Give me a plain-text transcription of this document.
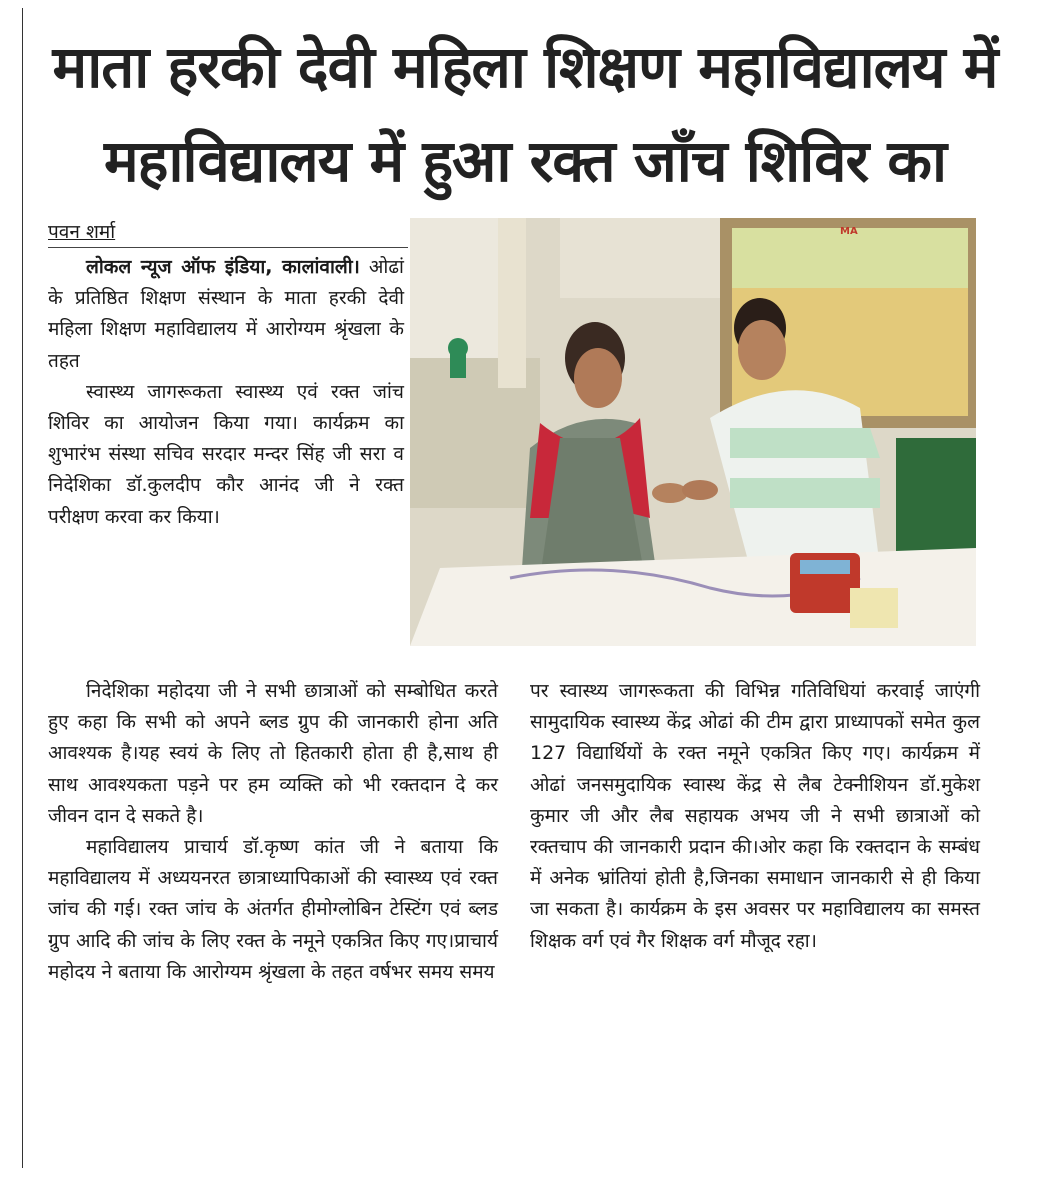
माता हरकी देवी महिला शिक्षण महाविद्यालय में
महाविद्यालय में हुआ रक्त जाँच शिविर का
पवन शर्मा

लोकल न्यूज ऑफ इंडिया, कालांवाली। ओढां के प्रतिष्ठित शिक्षण संस्थान के माता हरकी देवी महिला शिक्षण महाविद्यालय में आरोग्यम श्रृंखला के तहत

स्वास्थ्य जागरूकता स्वास्थ्य एवं रक्त जांच शिविर का आयोजन किया गया। कार्यक्रम का शुभारंभ संस्था सचिव सरदार मन्दर सिंह जी सरा व निदेशिका डॉ.कुलदीप कौर आनंद जी ने रक्त परीक्षण करवा कर किया।

MA

निदेशिका महोदया जी ने सभी छात्राओं को सम्बोधित करते हुए कहा कि सभी को अपने ब्लड ग्रुप की जानकारी होना अति आवश्यक है।यह स्वयं के लिए तो हितकारी होता ही है,साथ ही साथ आवश्यकता पड़ने पर हम व्यक्ति को भी रक्तदान दे कर जीवन दान दे सकते है।

महाविद्यालय प्राचार्य डॉ.कृष्ण कांत जी ने बताया कि महाविद्यालय में अध्ययनरत छात्राध्यापिकाओं की स्वास्थ्य एवं रक्त जांच की गई। रक्त जांच के अंतर्गत हीमोग्लोबिन टेस्टिंग एवं ब्लड ग्रुप आदि की जांच के लिए रक्त के नमूने एकत्रित किए गए।प्राचार्य महोदय ने बताया कि आरोग्यम श्रृंखला के तहत वर्षभर समय समय

पर स्वास्थ्य जागरूकता की विभिन्न गतिविधियां करवाई जाएंगी सामुदायिक स्वास्थ्य केंद्र ओढां की टीम द्वारा प्राध्यापकों समेत कुल 127 विद्यार्थियों के रक्त नमूने एकत्रित किए गए। कार्यक्रम में ओढां जनसमुदायिक स्वास्थ केंद्र से लैब टेक्नीशियन डॉ.मुकेश कुमार जी और लैब सहायक अभय जी ने सभी छात्राओं को रक्तचाप की जानकारी प्रदान की।ओर कहा कि रक्तदान के सम्बंध में अनेक भ्रांतियां होती है,जिनका समाधान जानकारी से ही किया जा सकता है। कार्यक्रम के इस अवसर पर महाविद्यालय का समस्त शिक्षक वर्ग एवं गैर शिक्षक वर्ग मौजूद रहा।
